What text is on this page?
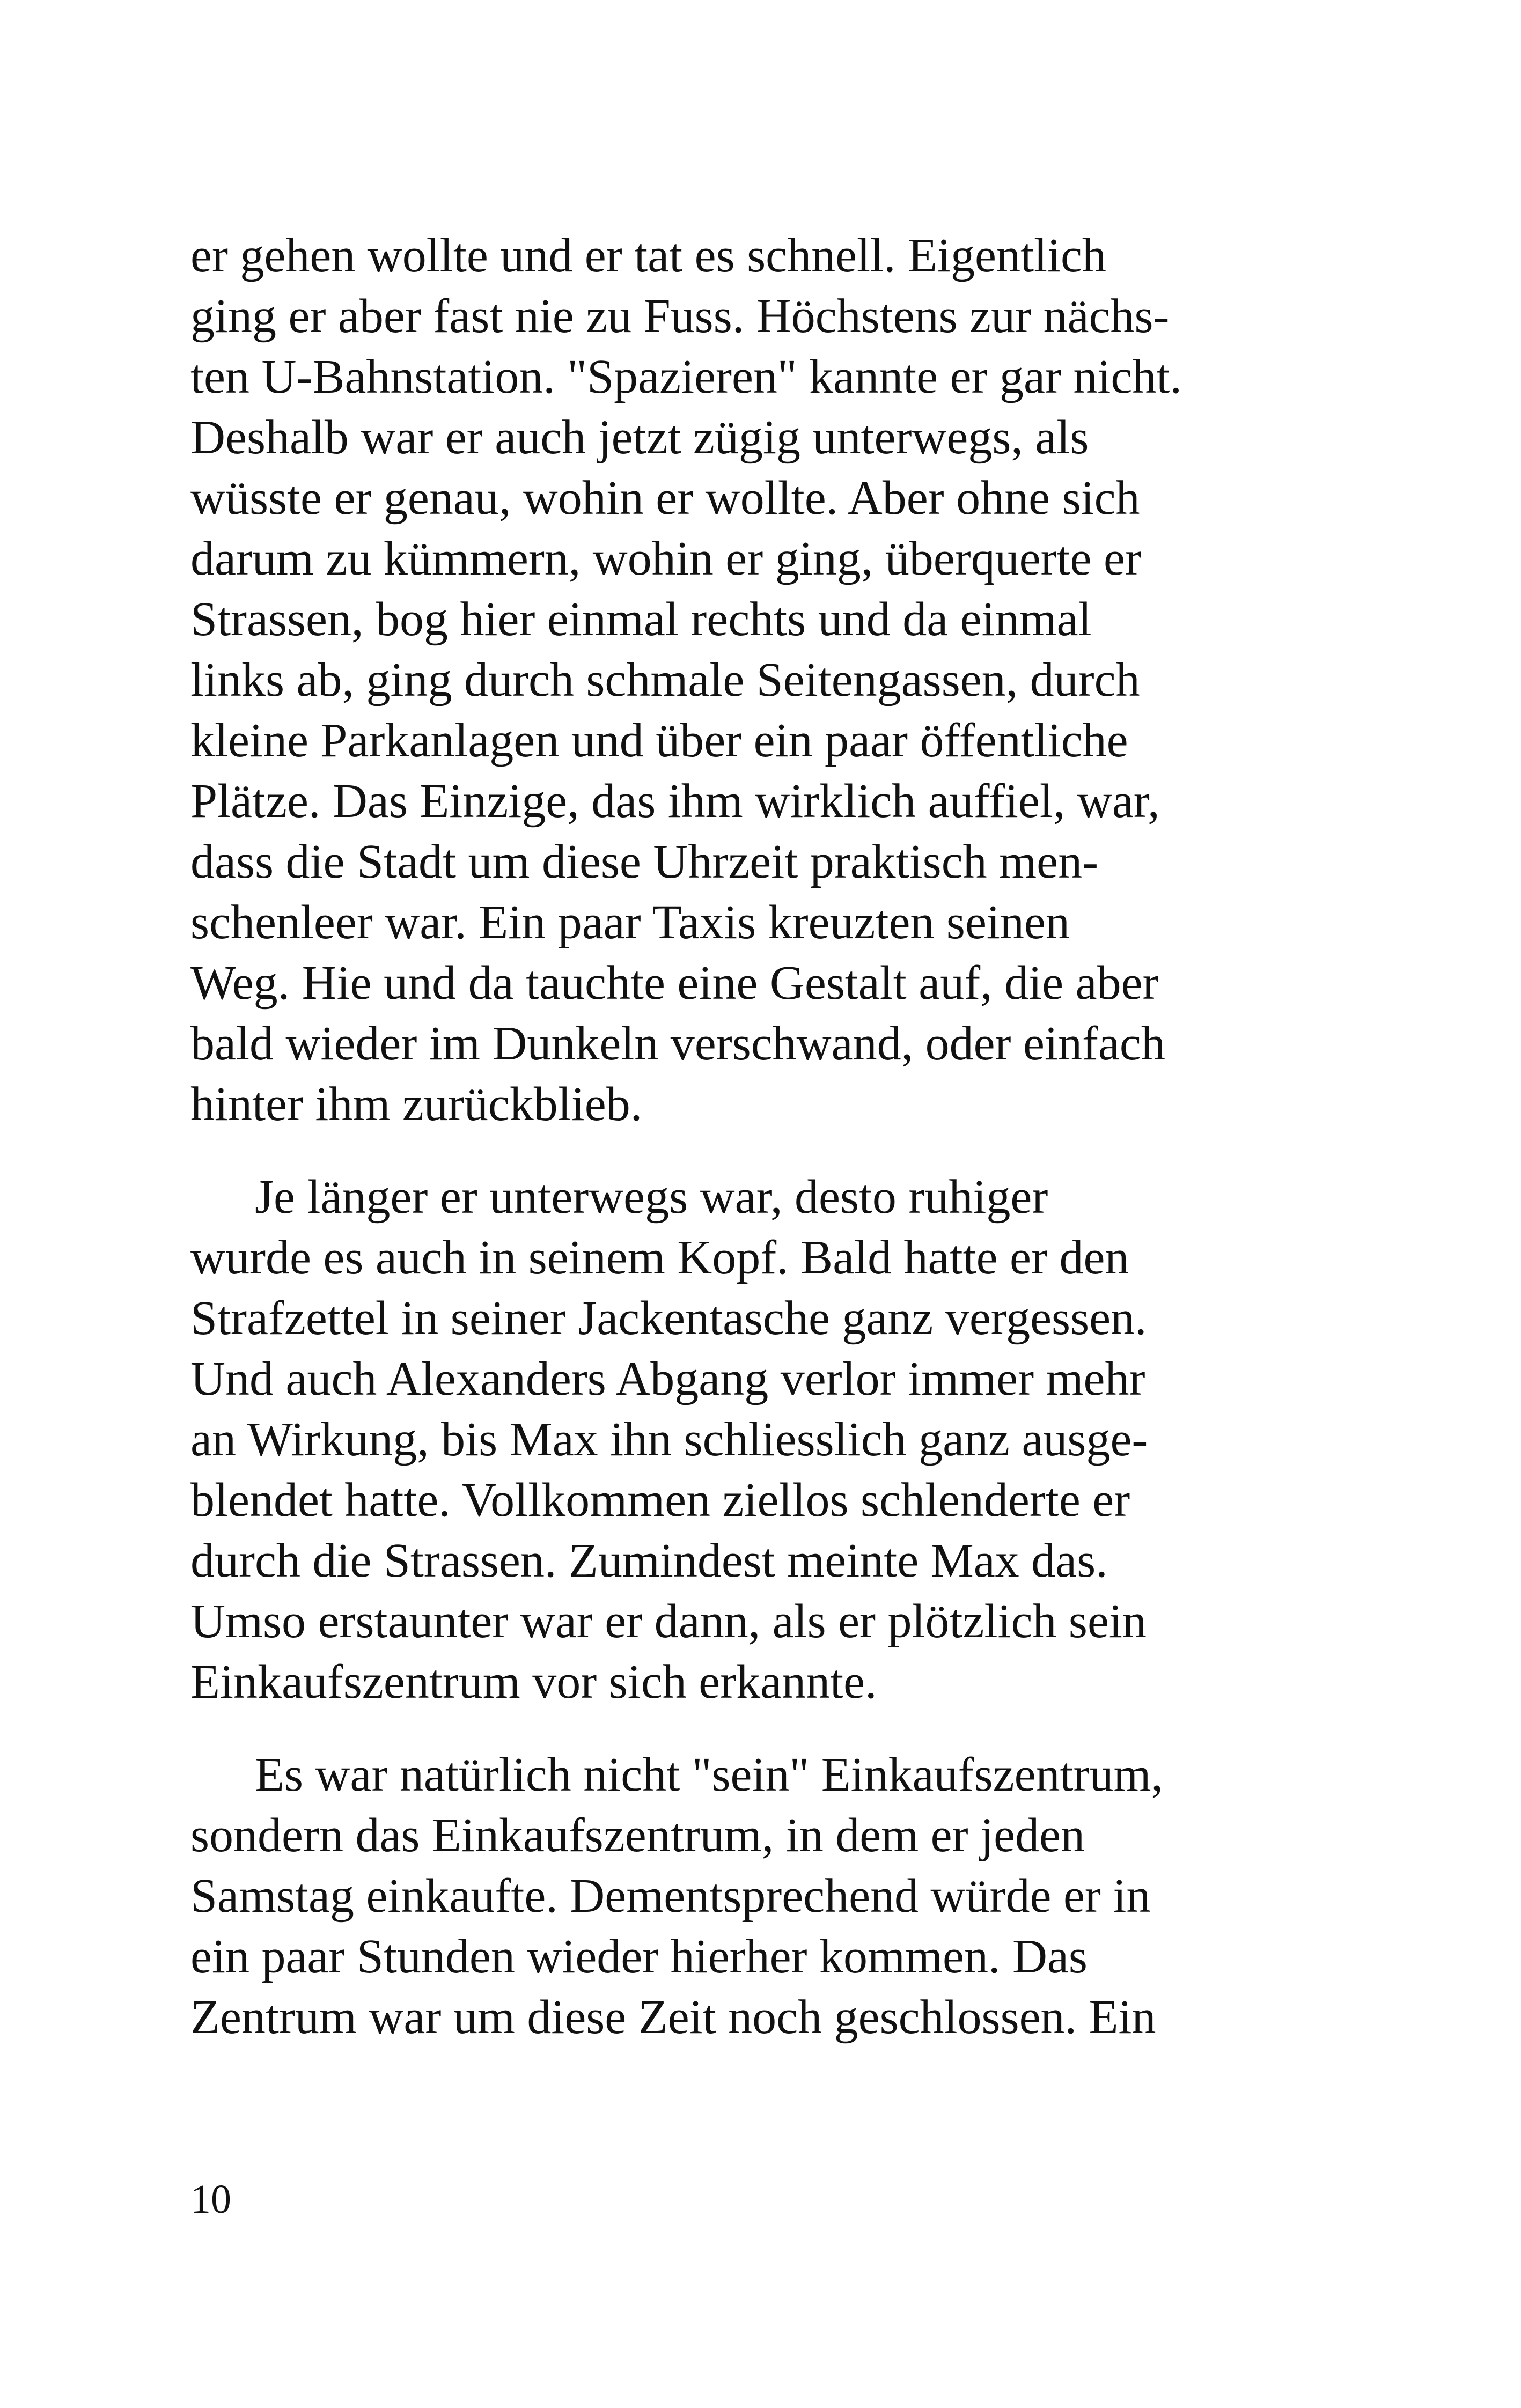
er gehen wollte und er tat es schnell. Eigentlich
ging er aber fast nie zu Fuss. Höchstens zur nächs-
ten U-Bahnstation. "Spazieren" kannte er gar nicht.
Deshalb war er auch jetzt zügig unterwegs, als
wüsste er genau, wohin er wollte. Aber ohne sich
darum zu kümmern, wohin er ging, überquerte er
Strassen, bog hier einmal rechts und da einmal
links ab, ging durch schmale Seitengassen, durch
kleine Parkanlagen und über ein paar öffentliche
Plätze. Das Einzige, das ihm wirklich auffiel, war,
dass die Stadt um diese Uhrzeit praktisch men-
schenleer war. Ein paar Taxis kreuzten seinen
Weg. Hie und da tauchte eine Gestalt auf, die aber
bald wieder im Dunkeln verschwand, oder einfach
hinter ihm zurückblieb.

Je länger er unterwegs war, desto ruhiger
wurde es auch in seinem Kopf. Bald hatte er den
Strafzettel in seiner Jackentasche ganz vergessen.
Und auch Alexanders Abgang verlor immer mehr
an Wirkung, bis Max ihn schliesslich ganz ausge-
blendet hatte. Vollkommen ziellos schlenderte er
durch die Strassen. Zumindest meinte Max das.
Umso erstaunter war er dann, als er plötzlich sein
Einkaufszentrum vor sich erkannte.

Es war natürlich nicht "sein" Einkaufszentrum,
sondern das Einkaufszentrum, in dem er jeden
Samstag einkaufte. Dementsprechend würde er in
ein paar Stunden wieder hierher kommen. Das
Zentrum war um diese Zeit noch geschlossen. Ein

10
